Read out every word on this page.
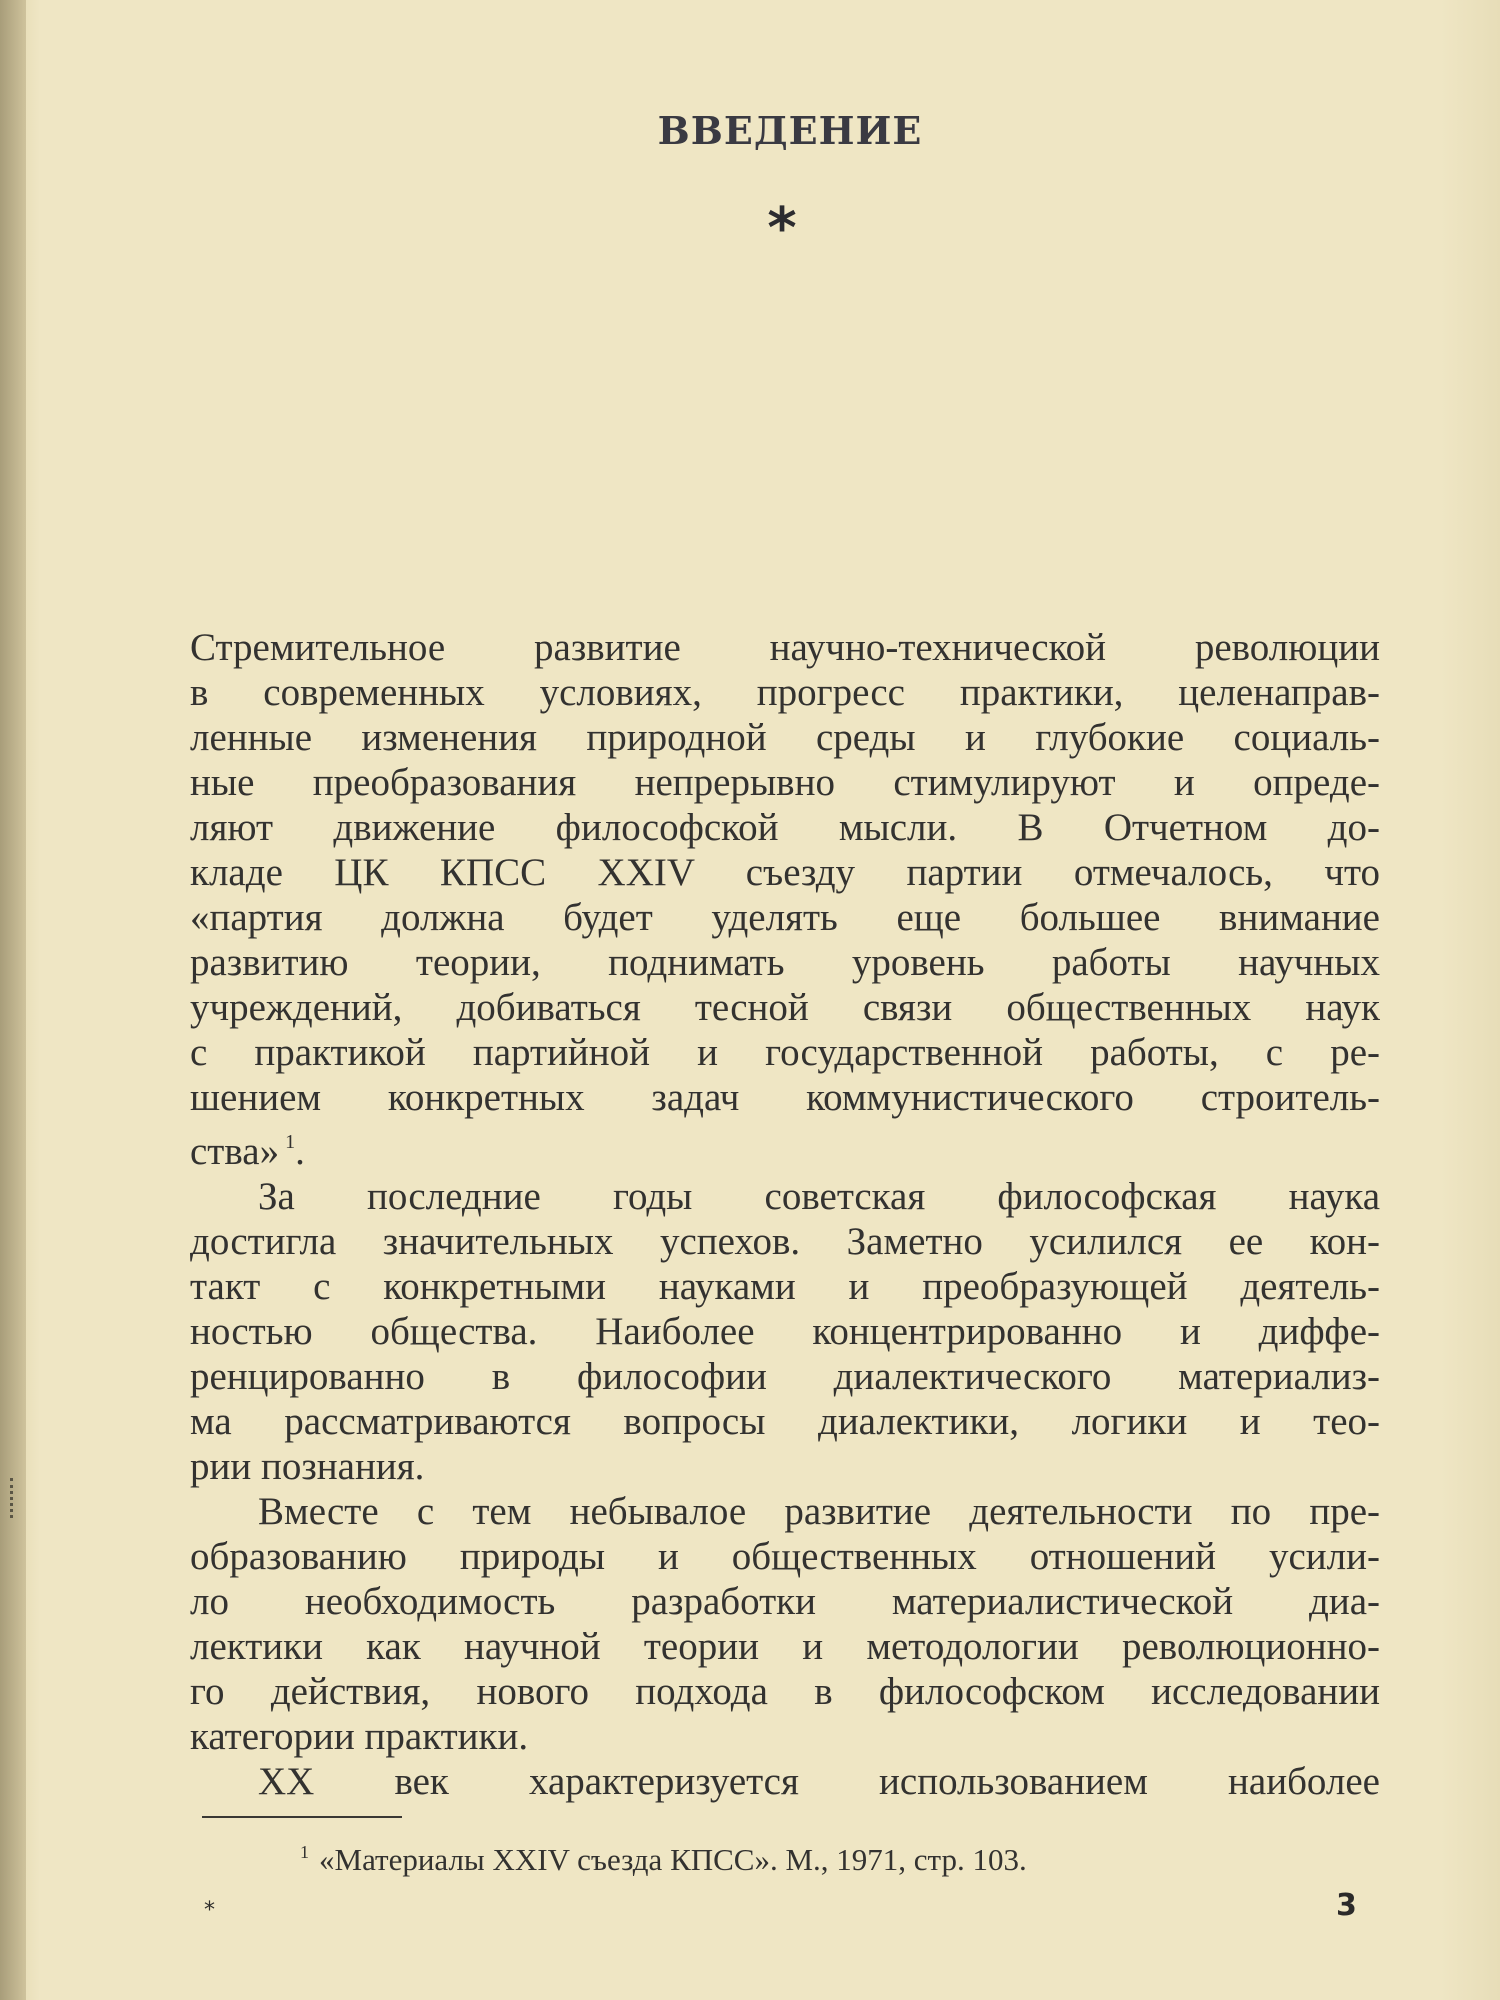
ВВЕДЕНИЕ
*
Стремительное развитие научно-технической революции
в современных условиях, прогресс практики, целенаправ-
ленные изменения природной среды и глубокие социаль-
ные преобразования непрерывно стимулируют и опреде-
ляют движение философской мысли. В Отчетном до-
кладе ЦК КПСС XXIV съезду партии отмечалось, что
«партия должна будет уделять еще большее внимание
развитию теории, поднимать уровень работы научных
учреждений, добиваться тесной связи общественных наук
с практикой партийной и государственной работы, с ре-
шением конкретных задач коммунистического строитель-
ства» $^1$.
За последние годы советская философская наука
достигла значительных успехов. Заметно усилился ее кон-
такт с конкретными науками и преобразующей деятель-
ностью общества. Наиболее концентрированно и диффе-
ренцированно в философии диалектического материализ-
ма рассматриваются вопросы диалектики, логики и тео-
рии познания.
Вместе с тем небывалое развитие деятельности по пре-
образованию природы и общественных отношений усили-
ло необходимость разработки материалистической диа-
лектики как научной теории и методологии революционно-
го действия, нового подхода в философском исследовании
категории практики.
XX век характеризуется использованием наиболее
$^1$ «Материалы XXIV съезда КПСС». М., 1971, стр. 103.
*	3
